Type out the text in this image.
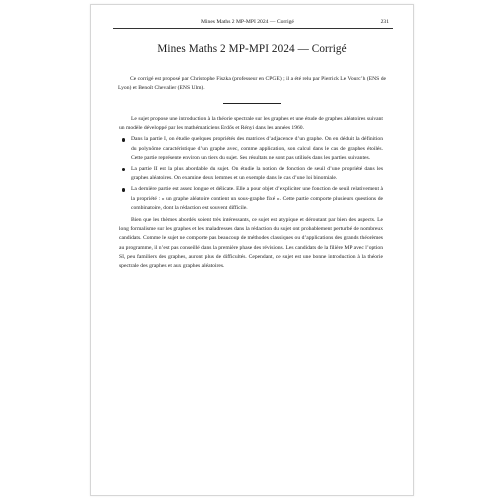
Mines Maths 2 MP-MPI 2024 — Corrigé	231
Mines Maths 2 MP-MPI 2024 — Corrigé

Ce corrigé est proposé par Christophe Fiszka (professeur en CPGE) ; il a été relu par Pierrick Le Vourc’h (ENS de Lyon) et Benoît Chevalier (ENS Ulm).

Le sujet propose une introduction à la théorie spectrale sur les graphes et une étude de graphes aléatoires suivant un modèle développé par les mathématiciens Erdős et Rényi dans les années 1960.

Dans la partie I, on étudie quelques propriétés des matrices d’adjacence d’un graphe. On en déduit la définition du polynôme caractéristique d’un graphe avec, comme application, son calcul dans le cas de graphes étoilés. Cette partie représente environ un tiers du sujet. Ses résultats ne sont pas utilisés dans les parties suivantes.
La partie II est la plus abordable du sujet. On étudie la notion de fonction de seuil d’une propriété dans les graphes aléatoires. On examine deux lemmes et un exemple dans le cas d’une loi binomiale.
La dernière partie est assez longue et délicate. Elle a pour objet d’expliciter une fonction de seuil relativement à la propriété : « un graphe aléatoire contient un sous-graphe fixé ». Cette partie comporte plusieurs questions de combinatoire, dont la rédaction est souvent difficile.

Bien que les thèmes abordés soient très intéressants, ce sujet est atypique et déroutant par bien des aspects. Le long formalisme sur les graphes et les maladresses dans la rédaction du sujet ont probablement perturbé de nombreux candidats. Comme le sujet ne comporte pas beaucoup de méthodes classiques ou d’applications des grands théorèmes au programme, il n’est pas conseillé dans la première phase des révisions. Les candidats de la filière MP avec l’option SI, peu familiers des graphes, auront plus de difficultés. Cependant, ce sujet est une bonne introduction à la théorie spectrale des graphes et aux graphes aléatoires.
